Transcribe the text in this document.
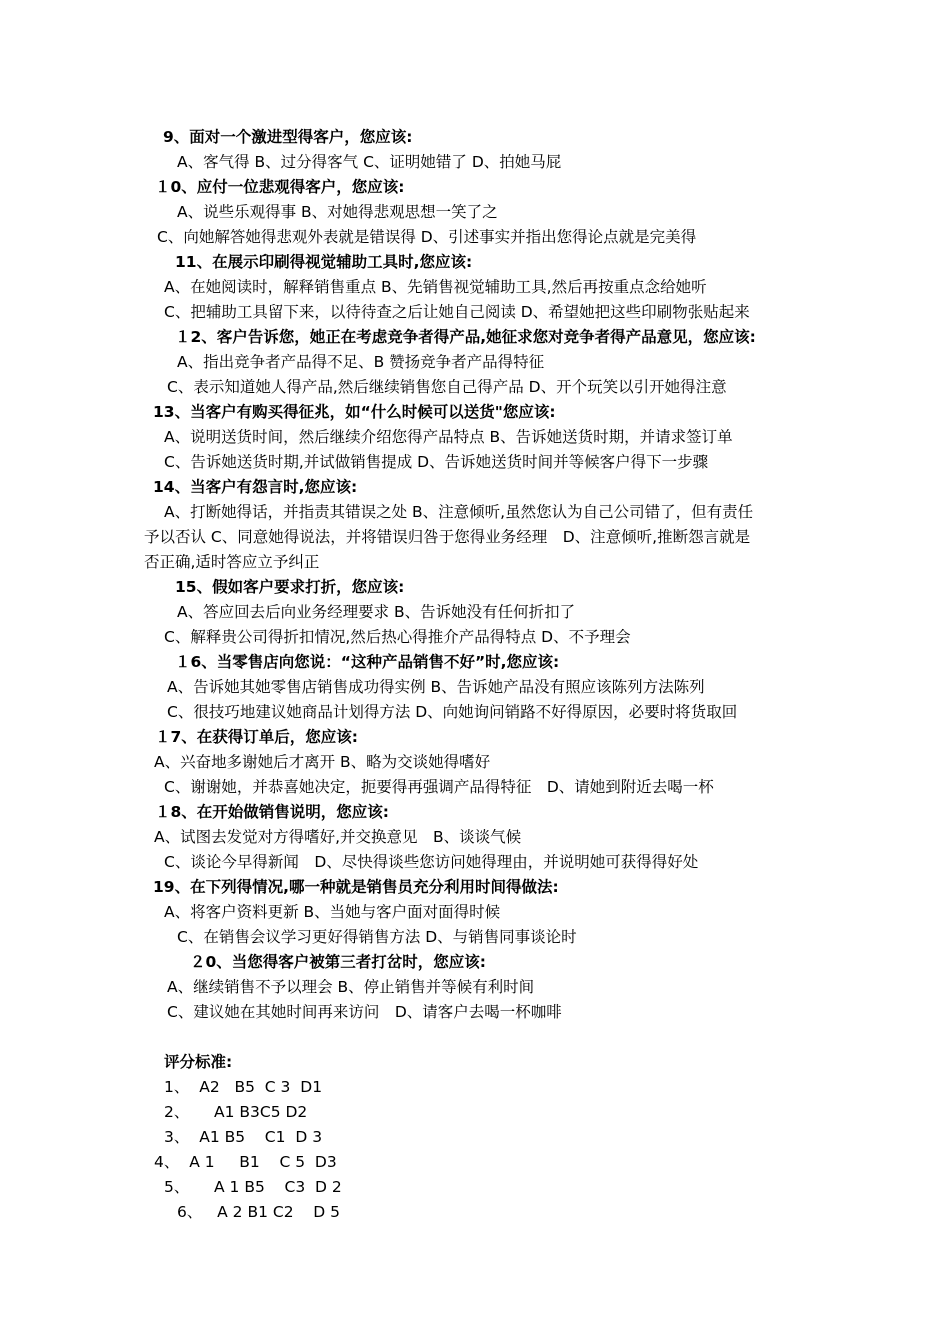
9、面对一个激进型得客户，您应该:
A、客气得 B、过分得客气 C、证明她错了 D、拍她马屁
１0、应付一位悲观得客户，您应该:
A、说些乐观得事 B、对她得悲观思想一笑了之
C、向她解答她得悲观外表就是错误得 D、引述事实并指出您得论点就是完美得
11、在展示印刷得视觉辅助工具时,您应该:
A、在她阅读时，解释销售重点 B、先销售视觉辅助工具,然后再按重点念给她听
C、把辅助工具留下来，以待待查之后让她自己阅读 D、希望她把这些印刷物张贴起来
１2、客户告诉您，她正在考虑竞争者得产品,她征求您对竞争者得产品意见，您应该:
A、指出竞争者产品得不足、B 赞扬竞争者产品得特征
C、表示知道她人得产品,然后继续销售您自己得产品 D、开个玩笑以引开她得注意
13、当客户有购买得征兆，如“什么时候可以送货"您应该:
A、说明送货时间，然后继续介绍您得产品特点 B、告诉她送货时期，并请求签订单
C、告诉她送货时期,并试做销售提成 D、告诉她送货时间并等候客户得下一步骤
14、当客户有怨言时,您应该:
A、打断她得话，并指责其错误之处 B、注意倾听,虽然您认为自己公司错了，但有责任
予以否认 C、同意她得说法，并将错误归咎于您得业务经理　D、注意倾听,推断怨言就是
否正确,适时答应立予纠正
15、假如客户要求打折，您应该:
A、答应回去后向业务经理要求 B、告诉她没有任何折扣了
C、解释贵公司得折扣情况,然后热心得推介产品得特点 D、不予理会
１6、当零售店向您说：“这种产品销售不好”时,您应该:
A、告诉她其她零售店销售成功得实例 B、告诉她产品没有照应该陈列方法陈列
C、很技巧地建议她商品计划得方法 D、向她询问销路不好得原因，必要时将货取回
１7、在获得订单后，您应该:
A、兴奋地多谢她后才离开 B、略为交谈她得嗜好
C、谢谢她，并恭喜她决定，扼要得再强调产品得特征　D、请她到附近去喝一杯
１8、在开始做销售说明，您应该:
A、试图去发觉对方得嗜好,并交换意见　B、谈谈气候
C、谈论今早得新闻　D、尽快得谈些您访问她得理由，并说明她可获得得好处
19、在下列得情况,哪一种就是销售员充分利用时间得做法:
A、将客户资料更新 B、当她与客户面对面得时候
C、在销售会议学习更好得销售方法 D、与销售同事谈论时
２0、当您得客户被第三者打岔时，您应该:
A、继续销售不予以理会 B、停止销售并等候有利时间
C、建议她在其她时间再来访问　D、请客户去喝一杯咖啡
评分标准:
1、  A2   B5  C 3  D1
2、     A1 B3C5 D2
3、  A1 B5    C1  D 3
4、  A 1     B1    C 5  D3
5、     A 1 B5    C3  D 2
6、   A 2 B1 C2    D 5
